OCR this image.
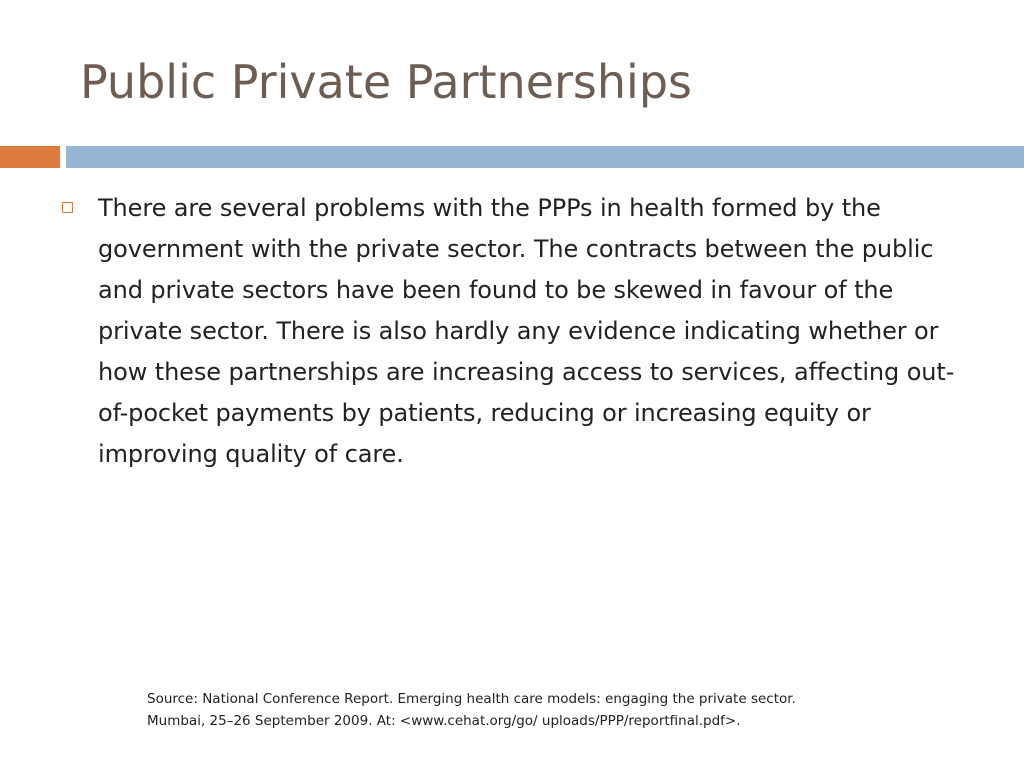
Public Private Partnerships

There are several problems with the PPPs in health formed by the government with the private sector. The contracts between the public and private sectors have been found to be skewed in favour of the private sector. There is also hardly any evidence indicating whether or how these partnerships are increasing access to services, affecting out-of-pocket payments by patients, reducing or increasing equity or improving quality of care.

Source: National Conference Report. Emerging health care models: engaging the private sector.
Mumbai, 25–26 September 2009. At: <www.cehat.org/go/ uploads/PPP/reportfinal.pdf>.
